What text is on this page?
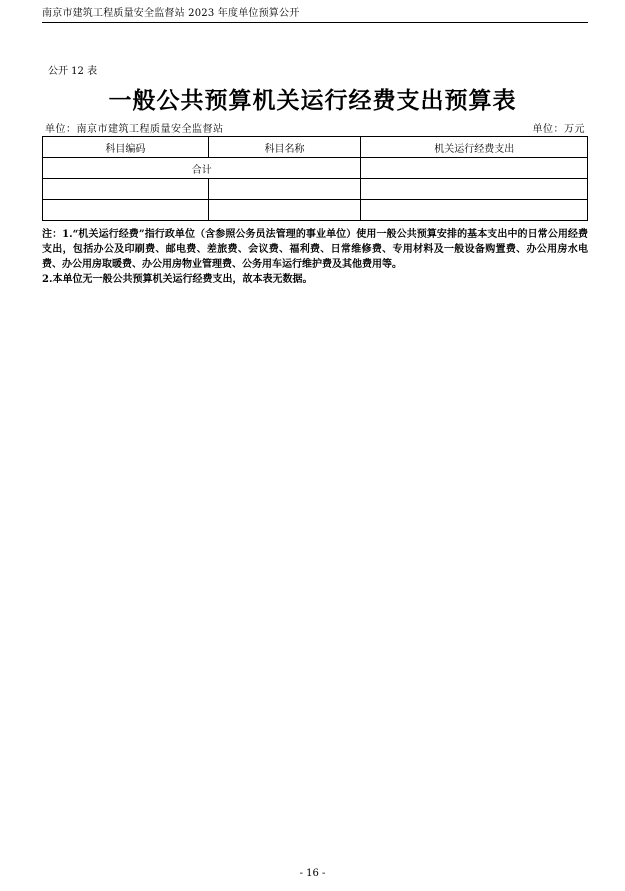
南京市建筑工程质量安全监督站 2023 年度单位预算公开
公开 12 表
一般公共预算机关运行经费支出预算表
单位：南京市建筑工程质量安全监督站	单位：万元
科目编码	科目名称	机关运行经费支出
合计		

注：1.“机关运行经费”指行政单位（含参照公务员法管理的事业单位）使用一般公共预算安排的基本支出中的日常公用经费支出，包括办公及印刷费、邮电费、差旅费、会议费、福利费、日常维修费、专用材料及一般设备购置费、办公用房水电费、办公用房取暖费、办公用房物业管理费、公务用车运行维护费及其他费用等。

2.本单位无一般公共预算机关运行经费支出，故本表无数据。

- 16 -
